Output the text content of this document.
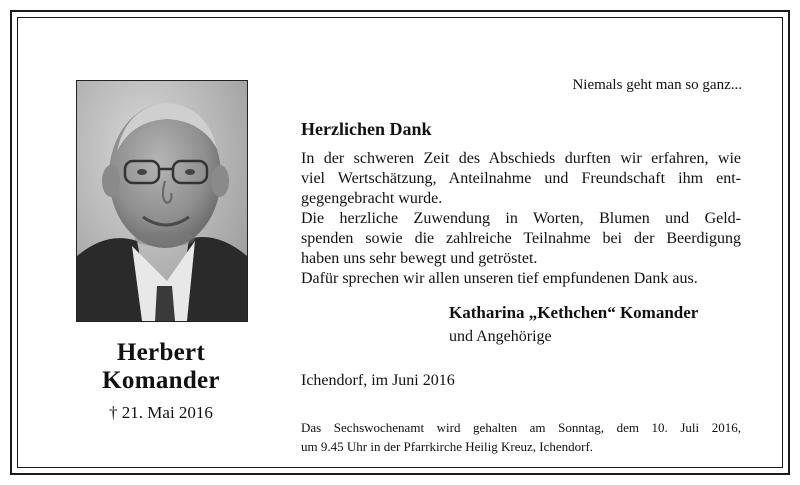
Herbert
Komander
† 21. Mai 2016
Niemals geht man so ganz...
Herzlichen Dank
In der schweren Zeit des Abschieds durften wir erfahren, wie
viel Wertschätzung, Anteilnahme und Freundschaft ihm ent-
gegengebracht wurde.
Die herzliche Zuwendung in Worten, Blumen und Geld-
spenden sowie die zahlreiche Teilnahme bei der Beerdigung
haben uns sehr bewegt und getröstet.
Dafür sprechen wir allen unseren tief empfundenen Dank aus.
Katharina „Kethchen“ Komander
und Angehörige
Ichendorf, im Juni 2016
Das Sechswochenamt wird gehalten am Sonntag, dem 10. Juli 2016,
um 9.45 Uhr in der Pfarrkirche Heilig Kreuz, Ichendorf.
